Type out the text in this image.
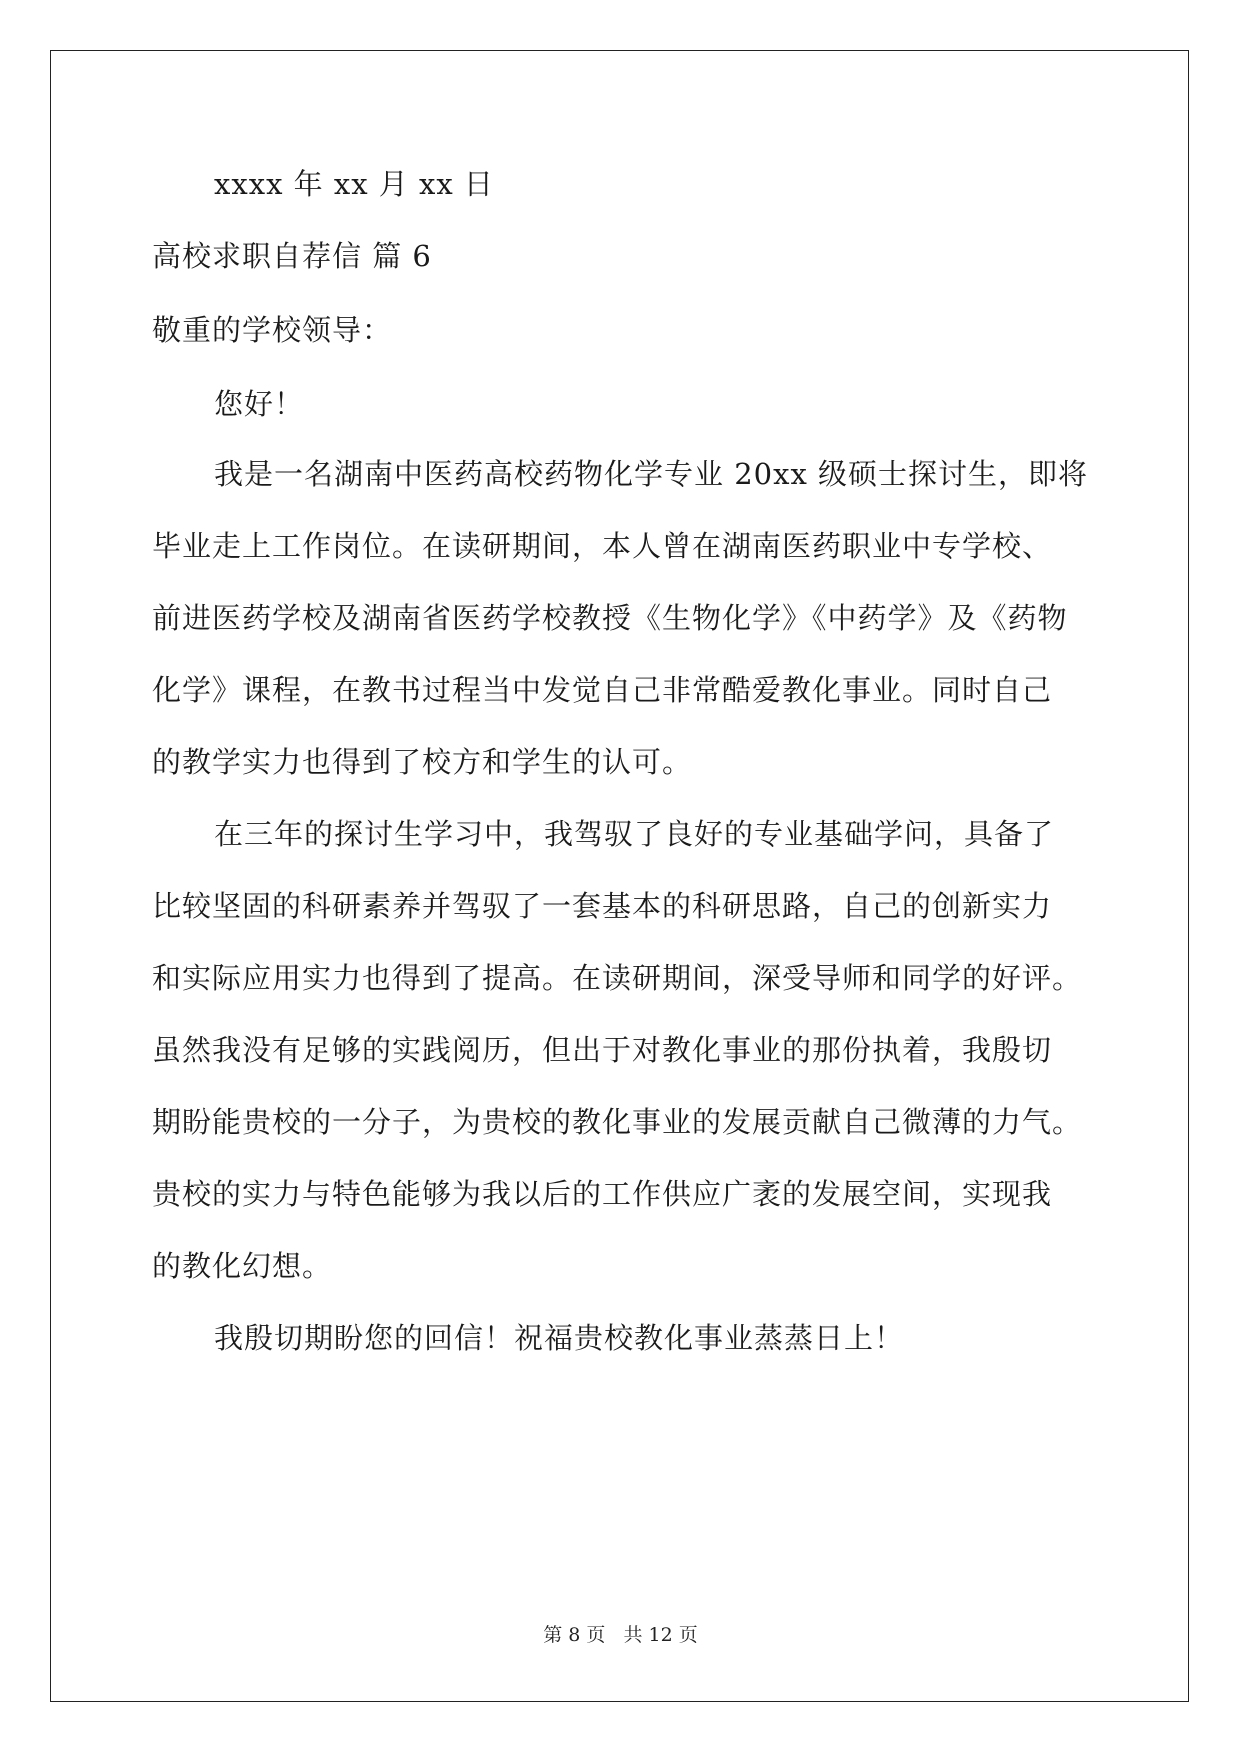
xxxx 年 xx 月 xx 日
高校求职自荐信 篇 6
敬重的学校领导：
您好！
我是一名湖南中医药高校药物化学专业 20xx 级硕士探讨生，即将
毕业走上工作岗位。在读研期间，本人曾在湖南医药职业中专学校、
前进医药学校及湖南省医药学校教授《生物化学》《中药学》及《药物
化学》课程，在教书过程当中发觉自己非常酷爱教化事业。同时自己
的教学实力也得到了校方和学生的认可。
在三年的探讨生学习中，我驾驭了良好的专业基础学问，具备了
比较坚固的科研素养并驾驭了一套基本的科研思路，自己的创新实力
和实际应用实力也得到了提高。在读研期间，深受导师和同学的好评。
虽然我没有足够的实践阅历，但出于对教化事业的那份执着，我殷切
期盼能贵校的一分子，为贵校的教化事业的发展贡献自己微薄的力气。
贵校的实力与特色能够为我以后的工作供应广袤的发展空间，实现我
的教化幻想。
我殷切期盼您的回信！祝福贵校教化事业蒸蒸日上！
第 8 页 共 12 页
